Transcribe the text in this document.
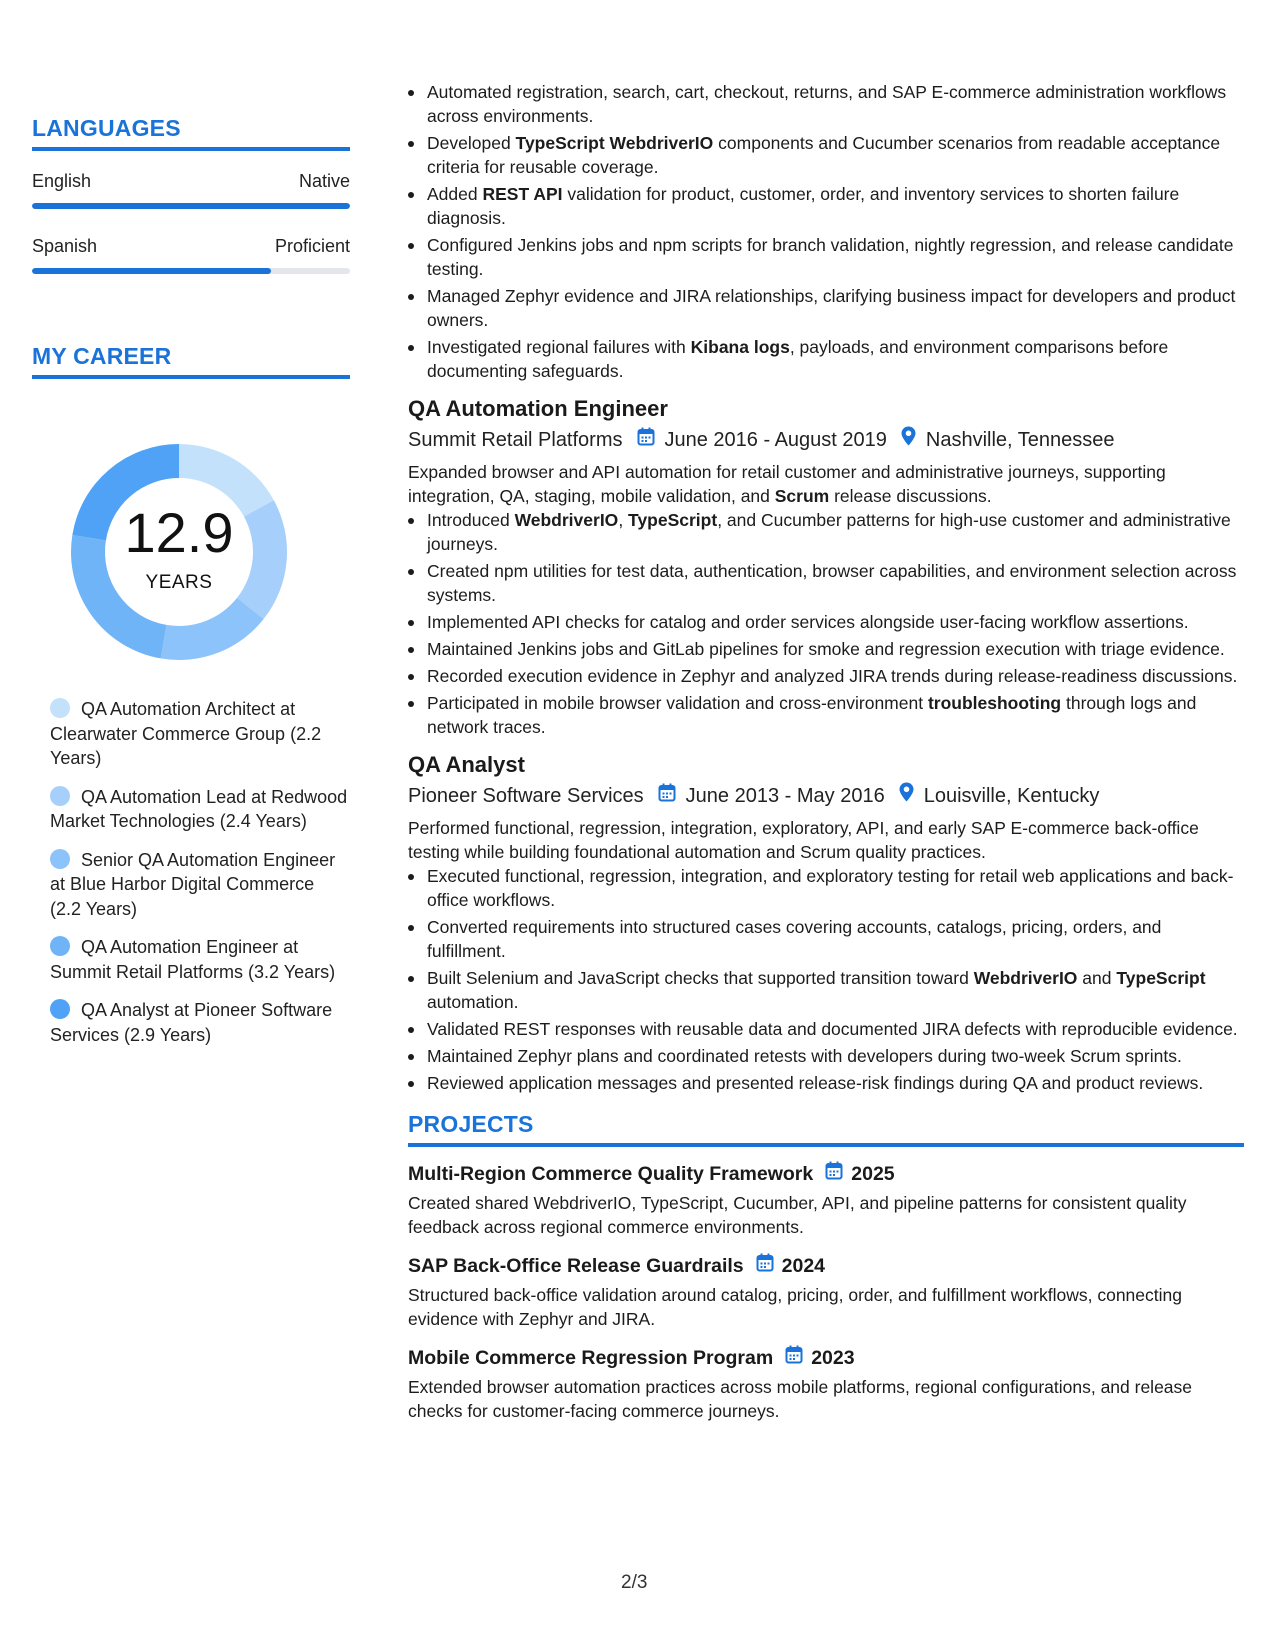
LANGUAGES
English	Native
Spanish	Proficient
MY CAREER
12.9
YEARS
QA Automation Architect at Clearwater Commerce Group (2.2 Years)
QA Automation Lead at Redwood Market Technologies (2.4 Years)
Senior QA Automation Engineer at Blue Harbor Digital Commerce (2.2 Years)
QA Automation Engineer at Summit Retail Platforms (3.2 Years)
QA Analyst at Pioneer Software Services (2.9 Years)
Automated registration, search, cart, checkout, returns, and SAP E-commerce administration workflows across environments.
Developed TypeScript WebdriverIO components and Cucumber scenarios from readable acceptance criteria for reusable coverage.
Added REST API validation for product, customer, order, and inventory services to shorten failure diagnosis.
Configured Jenkins jobs and npm scripts for branch validation, nightly regression, and release candidate testing.
Managed Zephyr evidence and JIRA relationships, clarifying business impact for developers and product owners.
Investigated regional failures with Kibana logs, payloads, and environment comparisons before documenting safeguards.
QA Automation Engineer
Summit Retail Platforms June 2016 - August 2019 Nashville, Tennessee
Expanded browser and API automation for retail customer and administrative journeys, supporting integration, QA, staging, mobile validation, and Scrum release discussions.
Introduced WebdriverIO, TypeScript, and Cucumber patterns for high-use customer and administrative journeys.
Created npm utilities for test data, authentication, browser capabilities, and environment selection across systems.
Implemented API checks for catalog and order services alongside user-facing workflow assertions.
Maintained Jenkins jobs and GitLab pipelines for smoke and regression execution with triage evidence.
Recorded execution evidence in Zephyr and analyzed JIRA trends during release-readiness discussions.
Participated in mobile browser validation and cross-environment troubleshooting through logs and network traces.
QA Analyst
Pioneer Software Services June 2013 - May 2016 Louisville, Kentucky
Performed functional, regression, integration, exploratory, API, and early SAP E-commerce back-office testing while building foundational automation and Scrum quality practices.
Executed functional, regression, integration, and exploratory testing for retail web applications and back-office workflows.
Converted requirements into structured cases covering accounts, catalogs, pricing, orders, and fulfillment.
Built Selenium and JavaScript checks that supported transition toward WebdriverIO and TypeScript automation.
Validated REST responses with reusable data and documented JIRA defects with reproducible evidence.
Maintained Zephyr plans and coordinated retests with developers during two-week Scrum sprints.
Reviewed application messages and presented release-risk findings during QA and product reviews.
PROJECTS
Multi-Region Commerce Quality Framework 2025
Created shared WebdriverIO, TypeScript, Cucumber, API, and pipeline patterns for consistent quality feedback across regional commerce environments.
SAP Back-Office Release Guardrails 2024
Structured back-office validation around catalog, pricing, order, and fulfillment workflows, connecting evidence with Zephyr and JIRA.
Mobile Commerce Regression Program 2023
Extended browser automation practices across mobile platforms, regional configurations, and release checks for customer-facing commerce journeys.
2/3
